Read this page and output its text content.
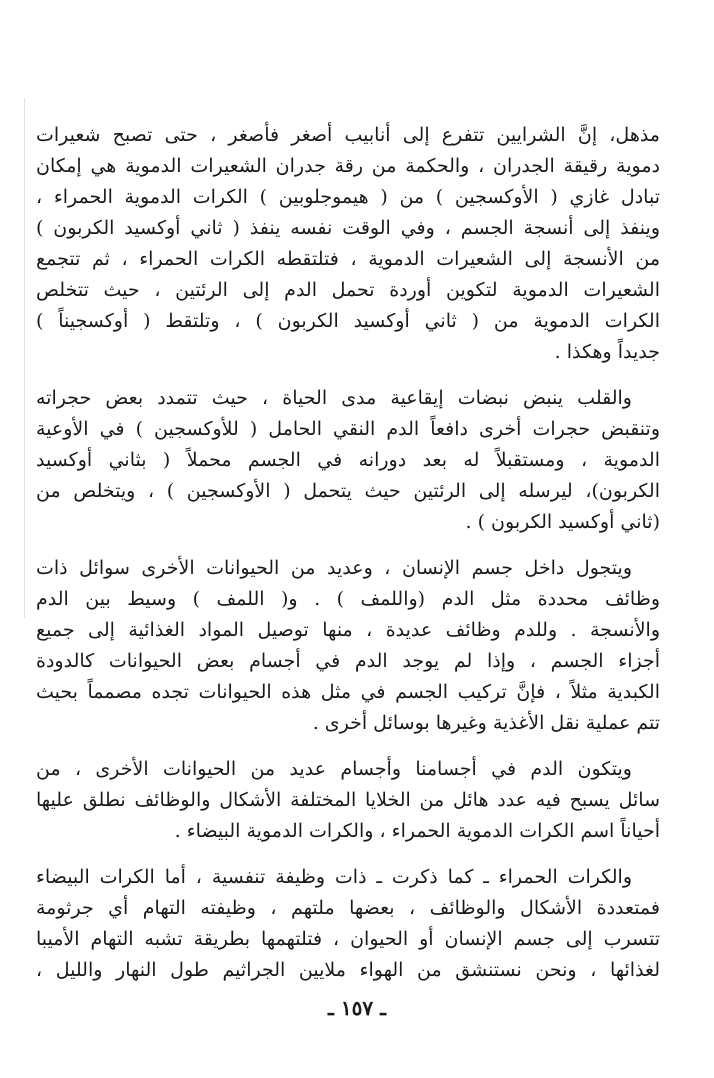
مذهل، إنَّ الشرايين تتفرع إلى أنابيب أصغر فأصغر ، حتى تصبح شعيرات
دموية رقيقة الجدران ، والحكمة من رقة جدران الشعيرات الدموية هي إمكان
تبادل غازي ( الأوكسجين ) من ( هيموجلوبين ) الكرات الدموية الحمراء ،
وينفذ إلى أنسجة الجسم ، وفي الوقت نفسه ينفذ ( ثاني أوكسيد الكربون )
من الأنسجة إلى الشعيرات الدموية ، فتلتقطه الكرات الحمراء ، ثم تتجمع
الشعيرات الدموية لتكوين أوردة تحمل الدم إلى الرئتين ، حيث تتخلص
الكرات الدموية من ( ثاني أوكسيد الكربون ) ، وتلتقط ( أوكسجيناً )
جديداً وهكذا .

والقلب ينبض نبضات إيقاعية مدى الحياة ، حيث تتمدد بعض حجراته
وتنقبض حجرات أخرى دافعاً الدم النقي الحامل ( للأوكسجين ) في الأوعية
الدموية ، ومستقبلاً له بعد دورانه في الجسم محملاً ( بثاني أوكسيد
الكربون)، ليرسله إلى الرئتين حيث يتحمل ( الأوكسجين ) ، ويتخلص من
(ثاني أوكسيد الكربون ) .

ويتجول داخل جسم الإنسان ، وعديد من الحيوانات الأخرى سوائل ذات
وظائف محددة مثل الدم (واللمف ) . و( اللمف ) وسيط بين الدم
والأنسجة . وللدم وظائف عديدة ، منها توصيل المواد الغذائية إلى جميع
أجزاء الجسم ، وإذا لم يوجد الدم في أجسام بعض الحيوانات كالدودة
الكبدية مثلاً ، فإنَّ تركيب الجسم في مثل هذه الحيوانات تجده مصمماً بحيث
تتم عملية نقل الأغذية وغيرها بوسائل أخرى .

ويتكون الدم في أجسامنا وأجسام عديد من الحيوانات الأخرى ، من
سائل يسبح فيه عدد هائل من الخلايا المختلفة الأشكال والوظائف نطلق عليها
أحياناً اسم الكرات الدموية الحمراء ، والكرات الدموية البيضاء .

والكرات الحمراء ـ كما ذكرت ـ ذات وظيفة تنفسية ، أما الكرات البيضاء
فمتعددة الأشكال والوظائف ، بعضها ملتهم ، وظيفته التهام أي جرثومة
تتسرب إلى جسم الإنسان أو الحيوان ، فتلتهمها بطريقة تشبه التهام الأميبا
لغذائها ، ونحن نستنشق من الهواء ملايين الجراثيم طول النهار والليل ،

ـ ١٥٧ ـ
